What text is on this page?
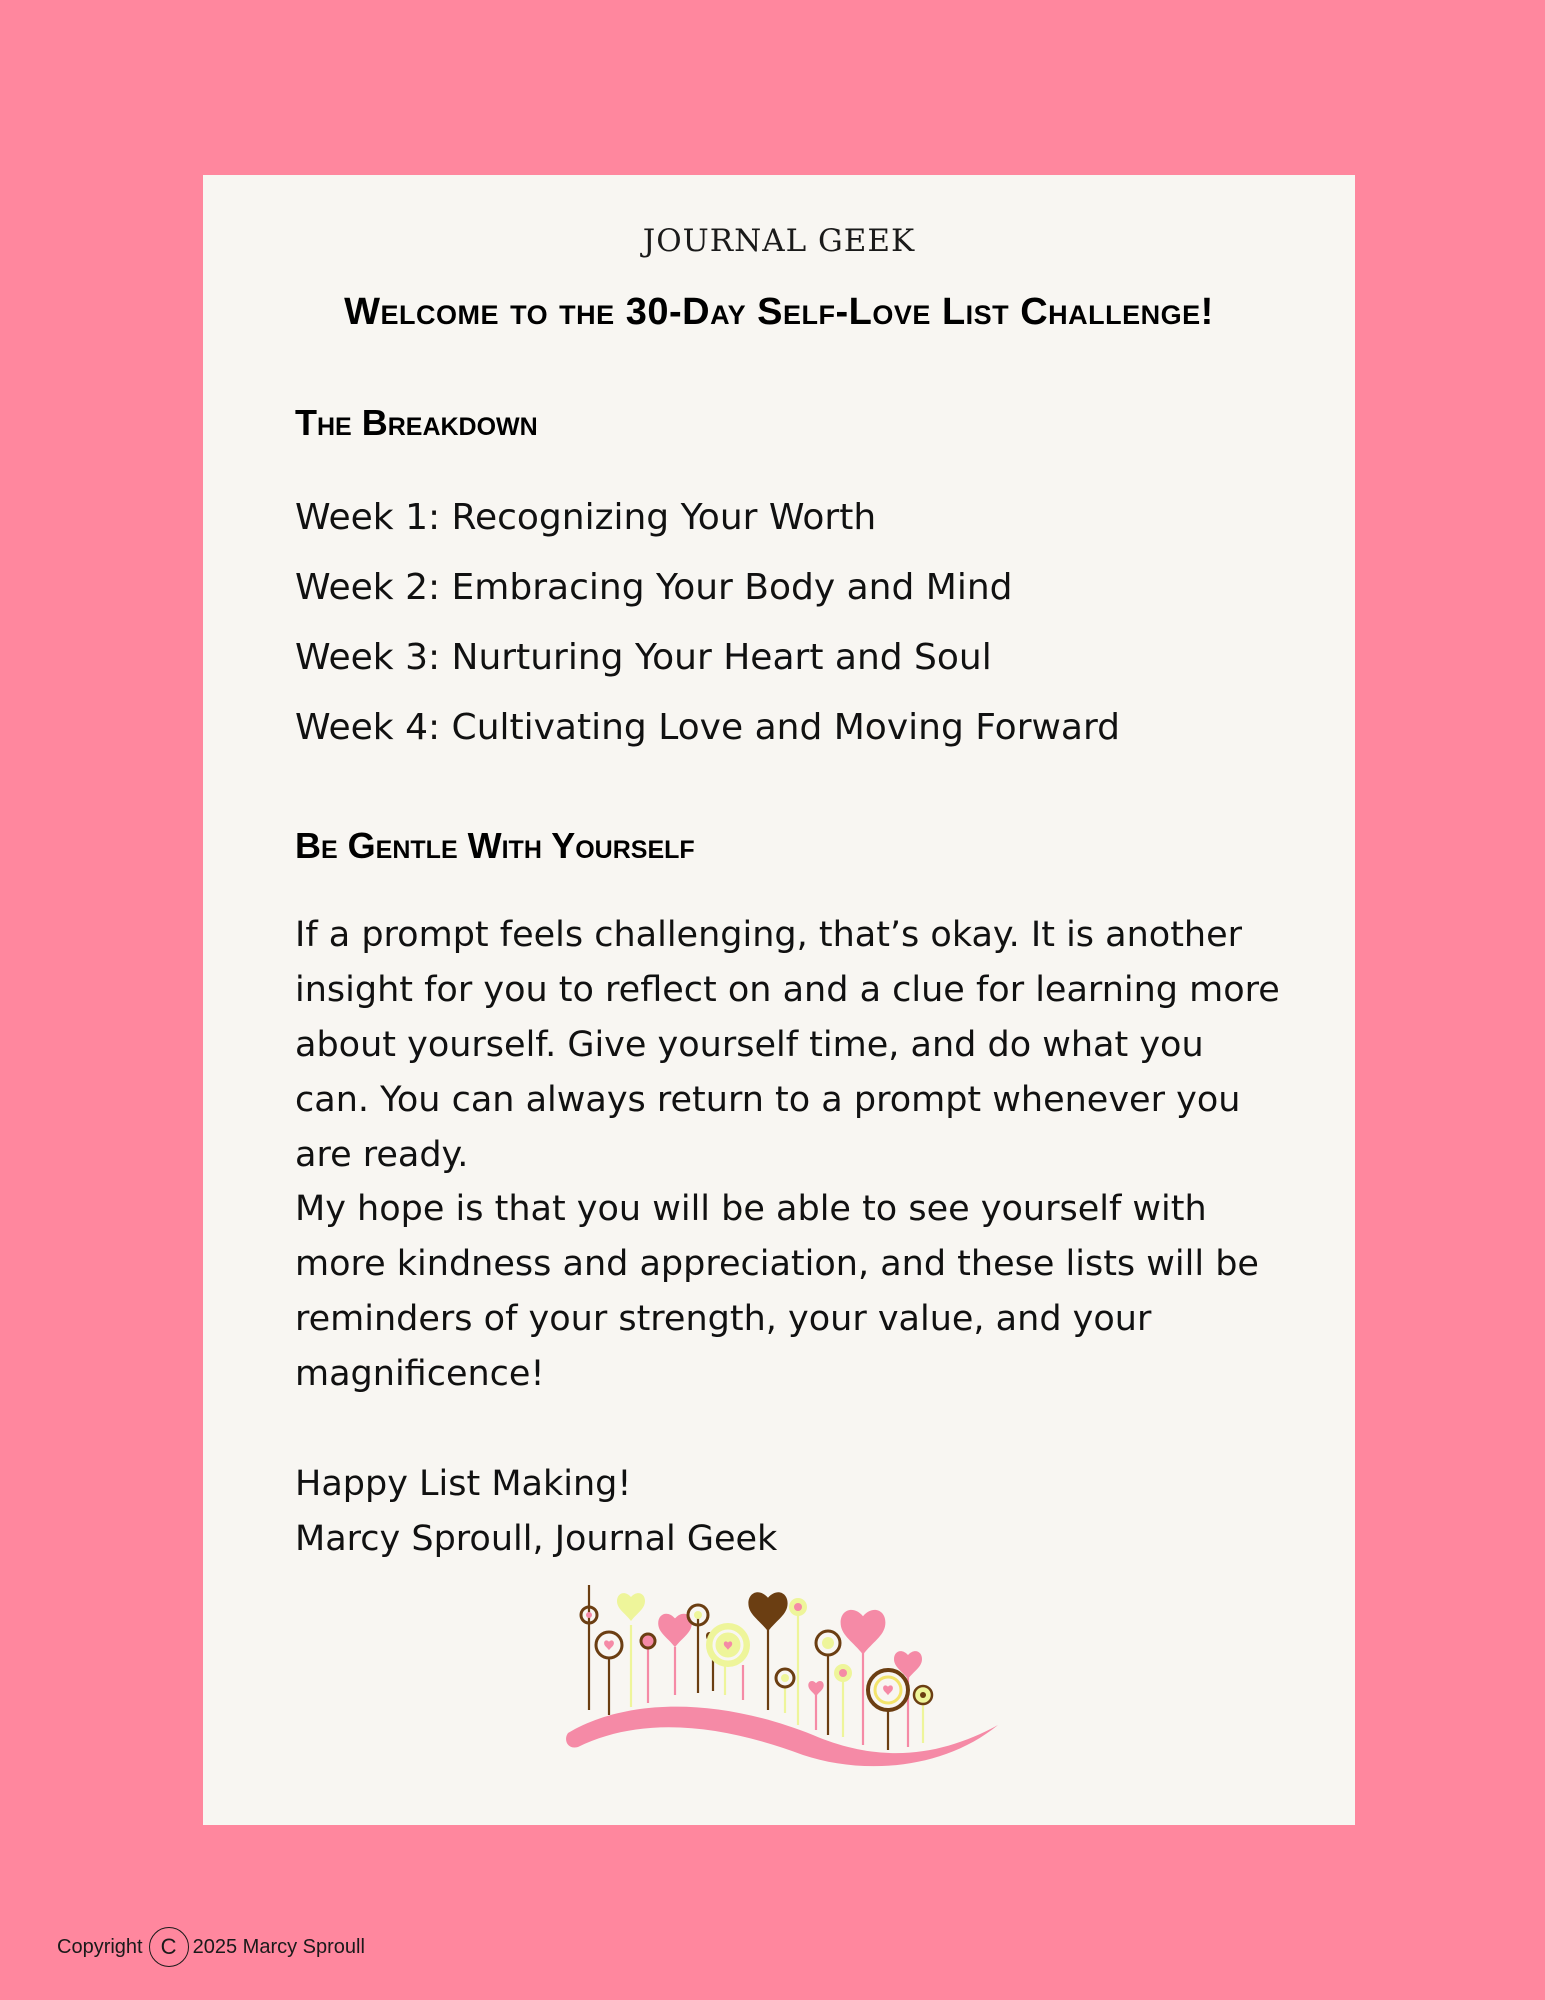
JOURNAL GEEK
Welcome to the 30-Day Self-Love List Challenge!
The Breakdown
Week 1: Recognizing Your Worth
Week 2: Embracing Your Body and Mind
Week 3: Nurturing Your Heart and Soul
Week 4: Cultivating Love and Moving Forward
Be Gentle With Yourself

If a prompt feels challenging, that’s okay. It is another insight for you to reflect on and a clue for learning more about yourself. Give yourself time, and do what you can. You can always return to a prompt whenever you are ready.

My hope is that you will be able to see yourself with more kindness and appreciation, and these lists will be reminders of your strength, your value, and your magnificence!

Happy List Making!
Marcy Sproull, Journal Geek
Copyright C 2025 Marcy Sproull
